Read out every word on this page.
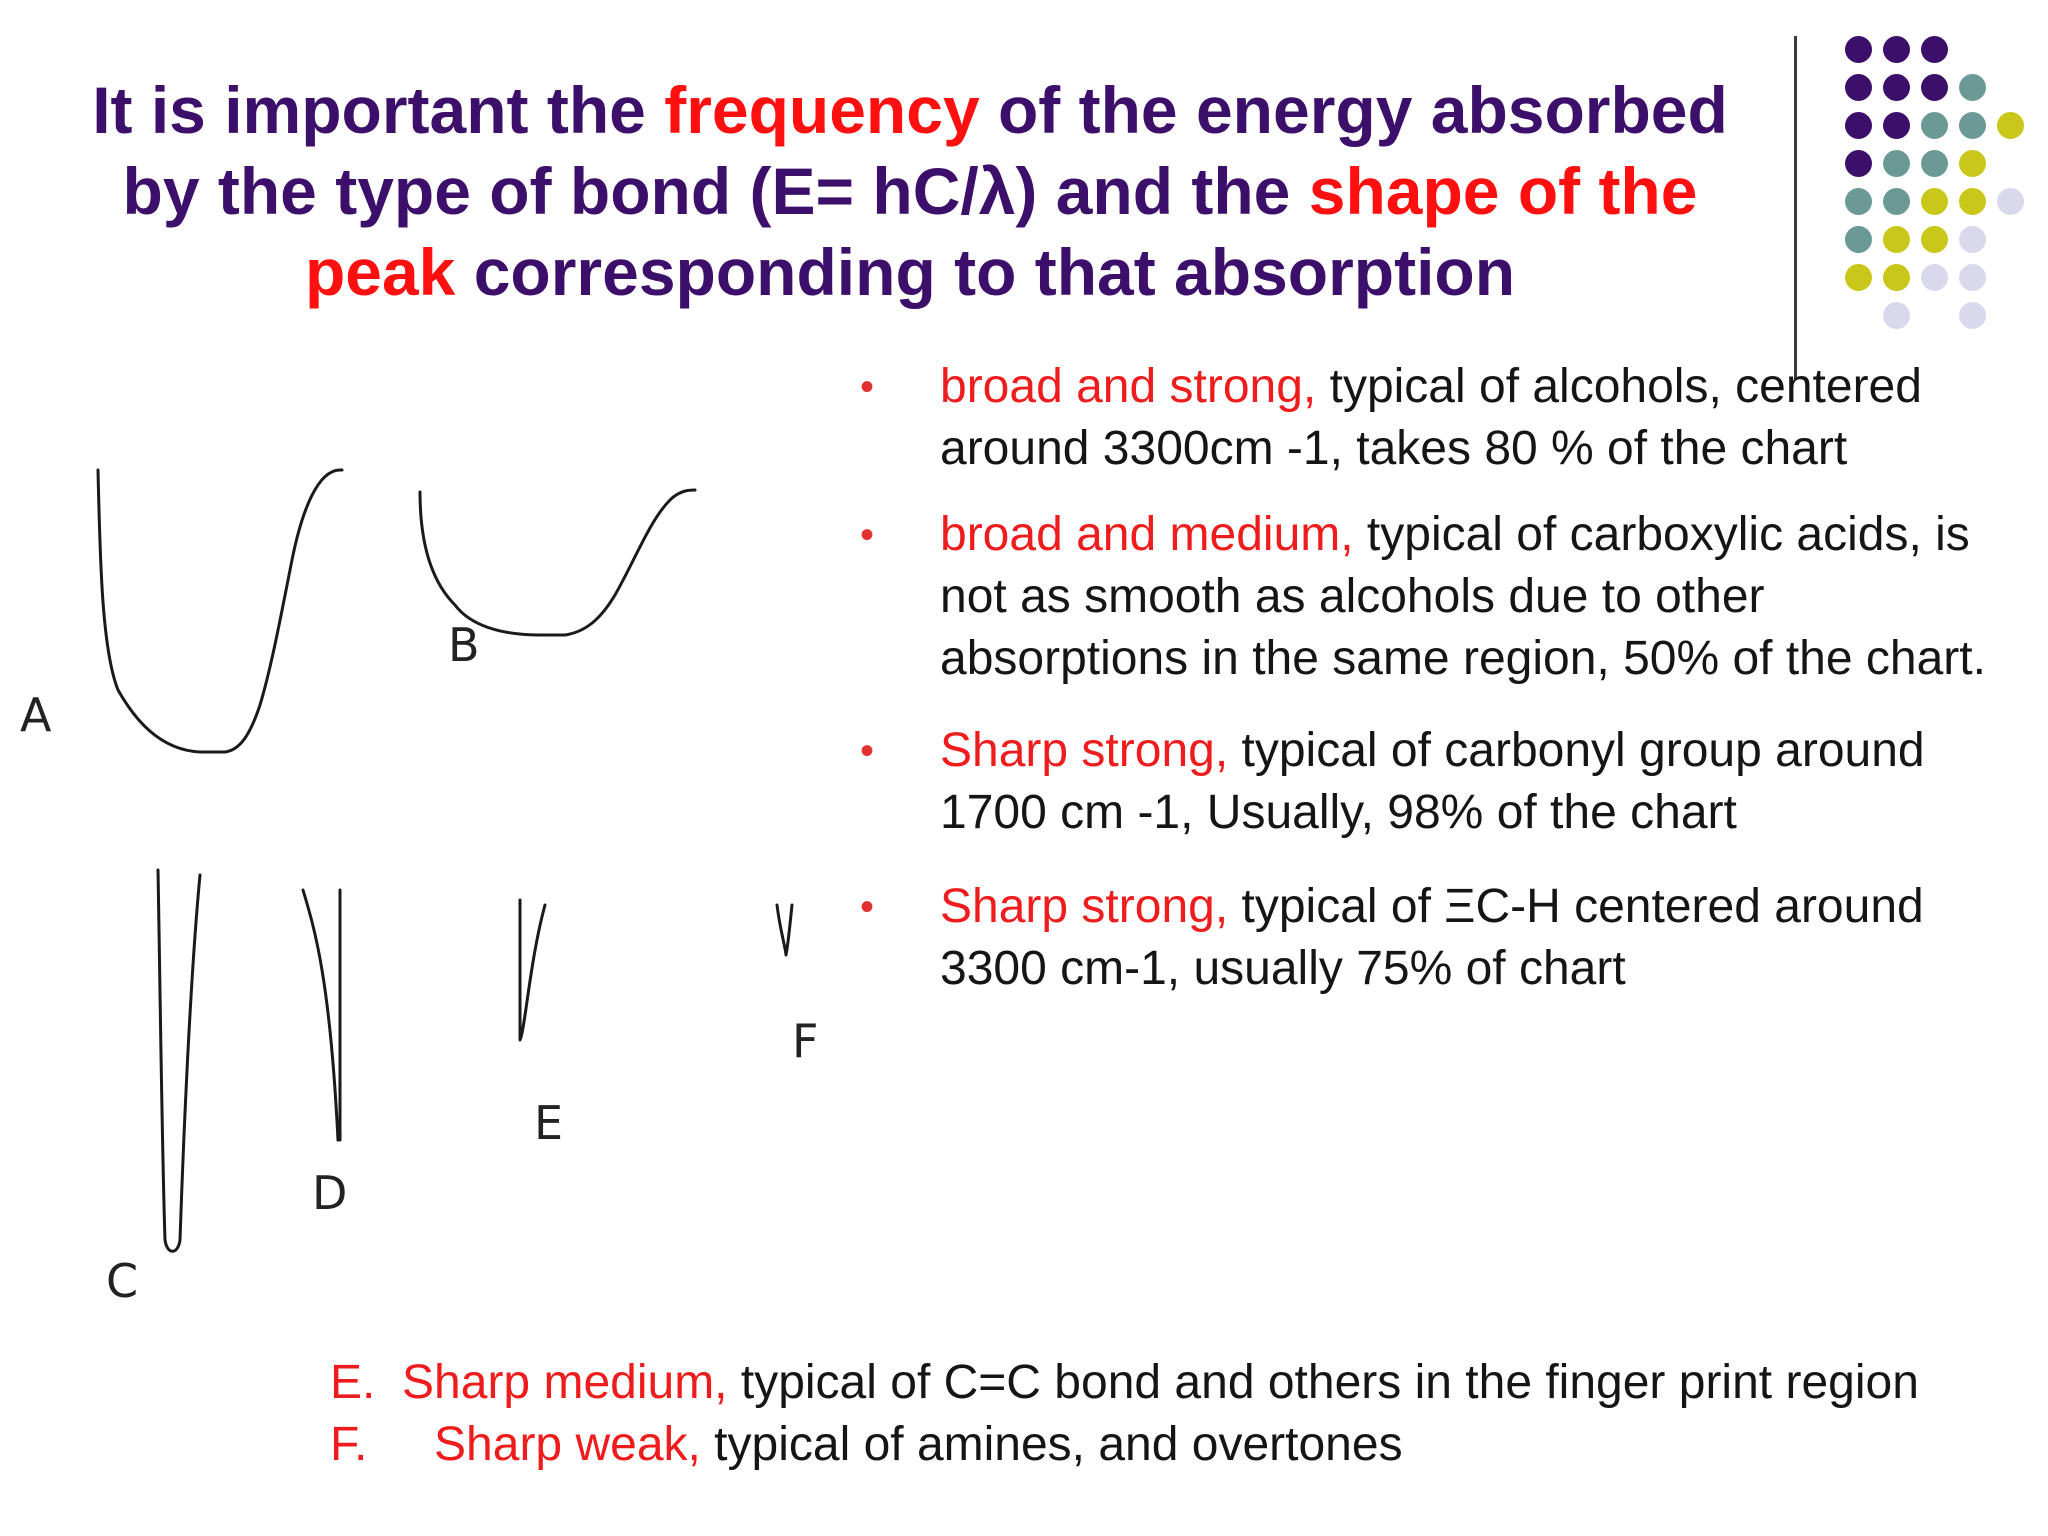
It is important the frequency of the energy absorbed
by the type of bond (E= hC/λ) and the shape of the
peak corresponding to that absorption
A
B
C
D
E
F
• broad and strong, typical of alcohols, centered around 3300cm -1, takes 80 % of the chart
• broad and medium, typical of carboxylic acids, is not as smooth as alcohols due to other absorptions in the same region, 50% of the chart.
• Sharp strong, typical of carbonyl group around 1700 cm -1, Usually, 98% of the chart
• Sharp strong, typical of ΞC-H centered around 3300 cm-1, usually 75% of chart
E. Sharp medium, typical of C=C bond and others in the finger print region
F. Sharp weak, typical of amines, and overtones
